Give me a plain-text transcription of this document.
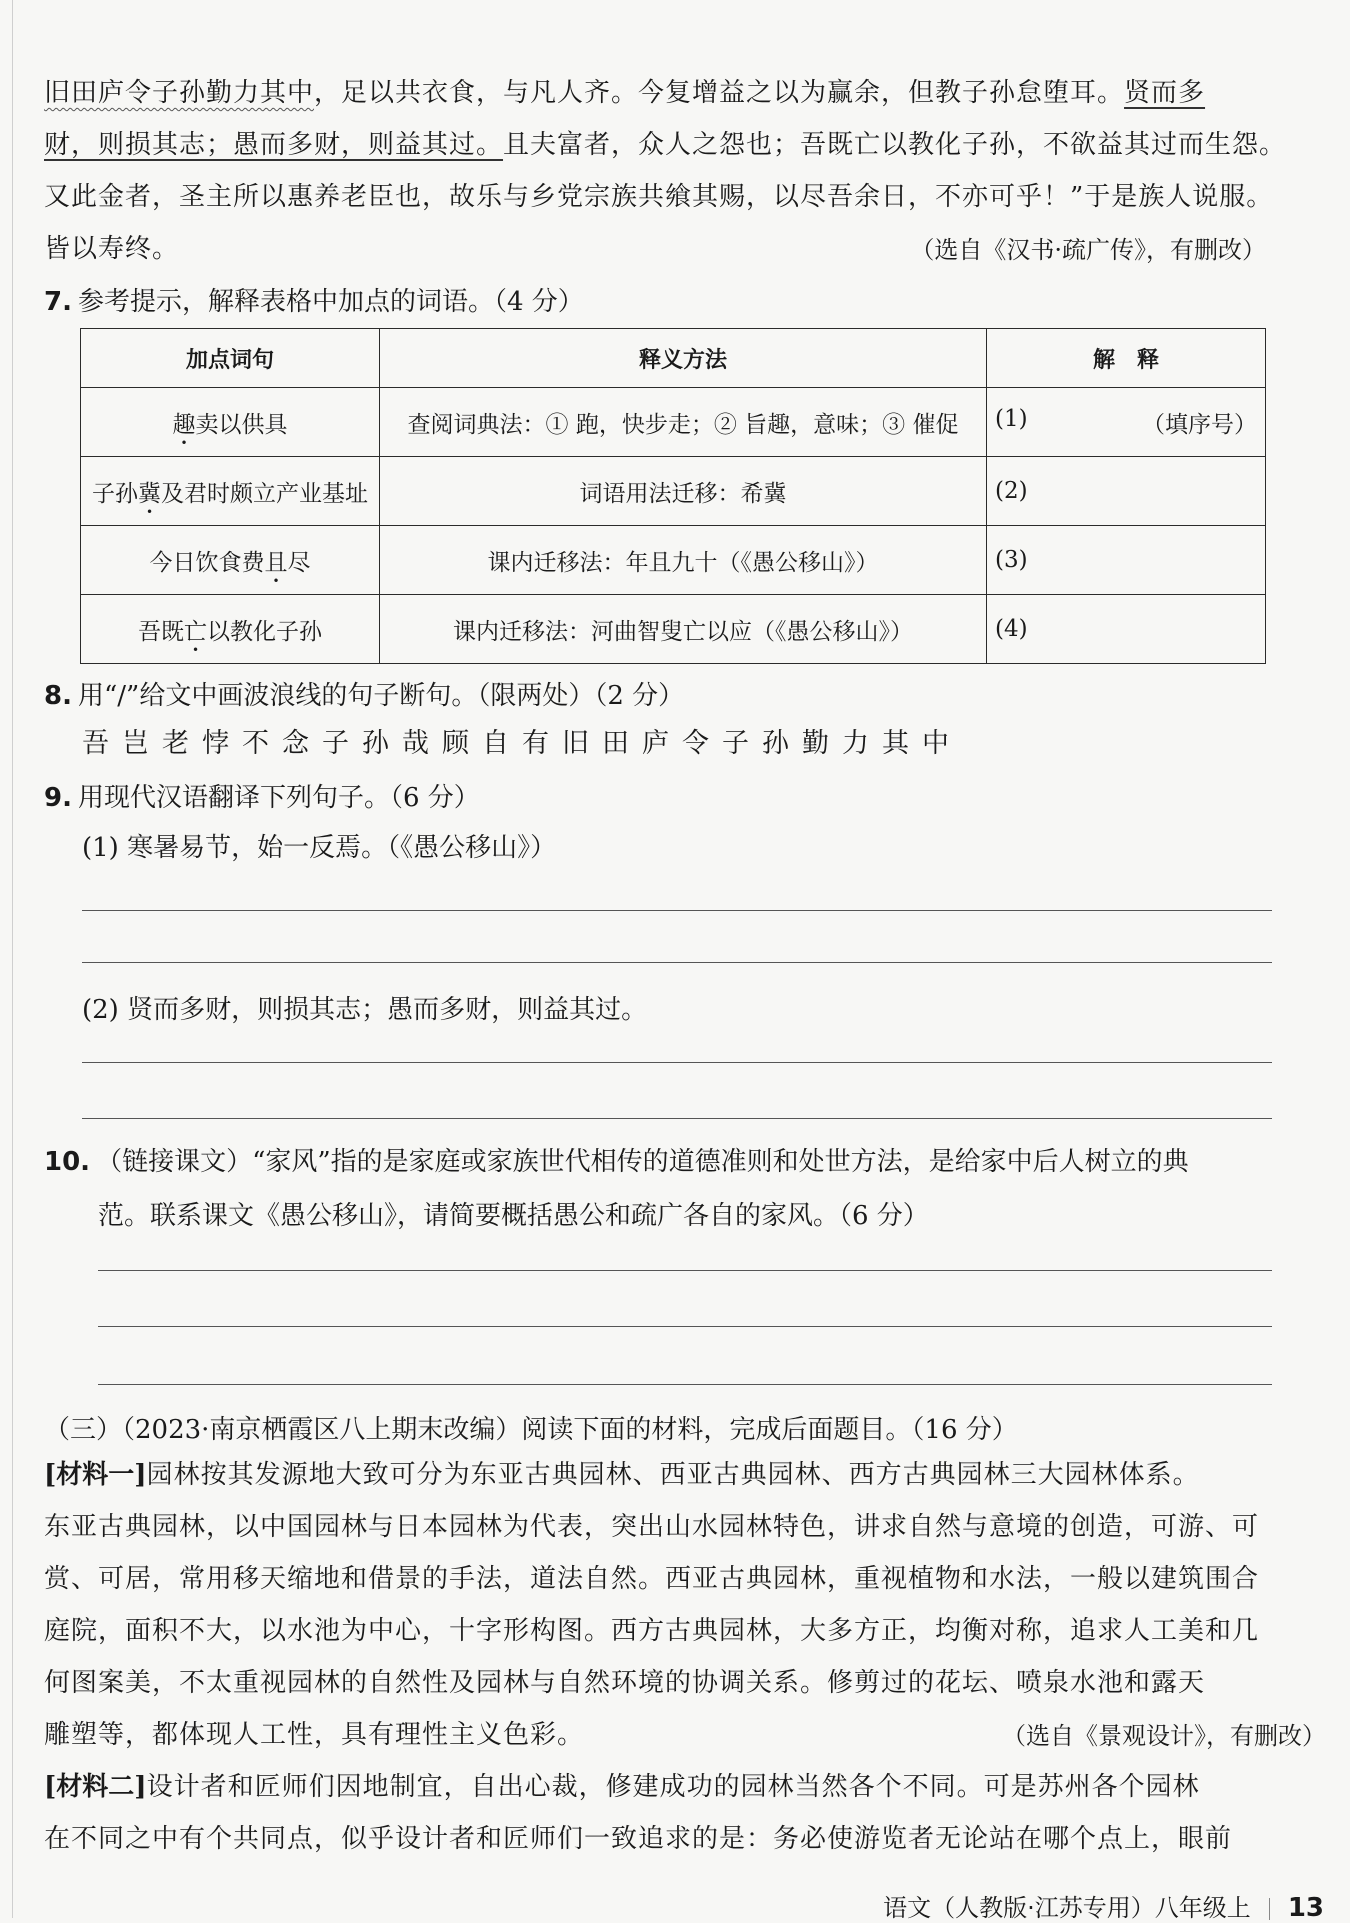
旧田庐令子孙勤力其中，足以共衣食，与凡人齐。今复增益之以为赢余，但教子孙怠堕耳。贤而多
财，则损其志；愚而多财，则益其过。且夫富者，众人之怨也；吾既亡以教化子孙，不欲益其过而生怨。
又此金者，圣主所以惠养老臣也，故乐与乡党宗族共飨其赐，以尽吾余日，不亦可乎！”于是族人说服。
皆以寿终。	（选自《汉书·疏广传》，有删改）
7. 参考提示，解释表格中加点的词语。（4 分）
加点词句	释义方法	解　释
趣卖以供具	查阅词典法：① 跑，快步走；② 旨趣，意味；③ 催促	(1) （填序号）

子孙冀及君时颇立产业基址	词语用法迁移：希冀	(2)
今日饮食费且尽	课内迁移法：年且九十（《愚公移山》）	(3)
吾既亡以教化子孙	课内迁移法：河曲智叟亡以应（《愚公移山》）	(4)
8. 用“/”给文中画波浪线的句子断句。（限两处）（2 分）
吾岂老悖不念子孙哉顾自有旧田庐令子孙勤力其中
9. 用现代汉语翻译下列句子。（6 分）
(1) 寒暑易节，始一反焉。（《愚公移山》）
(2) 贤而多财，则损其志；愚而多财，则益其过。
10. （链接课文）“家风”指的是家庭或家族世代相传的道德准则和处世方法，是给家中后人树立的典
范。联系课文《愚公移山》，请简要概括愚公和疏广各自的家风。（6 分）
（三）（2023·南京栖霞区八上期末改编）阅读下面的材料，完成后面题目。（16 分）
[材料一]园林按其发源地大致可分为东亚古典园林、西亚古典园林、西方古典园林三大园林体系。
东亚古典园林，以中国园林与日本园林为代表，突出山水园林特色，讲求自然与意境的创造，可游、可
赏、可居，常用移天缩地和借景的手法，道法自然。西亚古典园林，重视植物和水法，一般以建筑围合
庭院，面积不大，以水池为中心，十字形构图。西方古典园林，大多方正，均衡对称，追求人工美和几
何图案美，不太重视园林的自然性及园林与自然环境的协调关系。修剪过的花坛、喷泉水池和露天
雕塑等，都体现人工性，具有理性主义色彩。	（选自《景观设计》，有删改）
[材料二]设计者和匠师们因地制宜，自出心裁，修建成功的园林当然各个不同。可是苏州各个园林
在不同之中有个共同点，似乎设计者和匠师们一致追求的是：务必使游览者无论站在哪个点上，眼前
语文（人教版·江苏专用）八年级上 13
